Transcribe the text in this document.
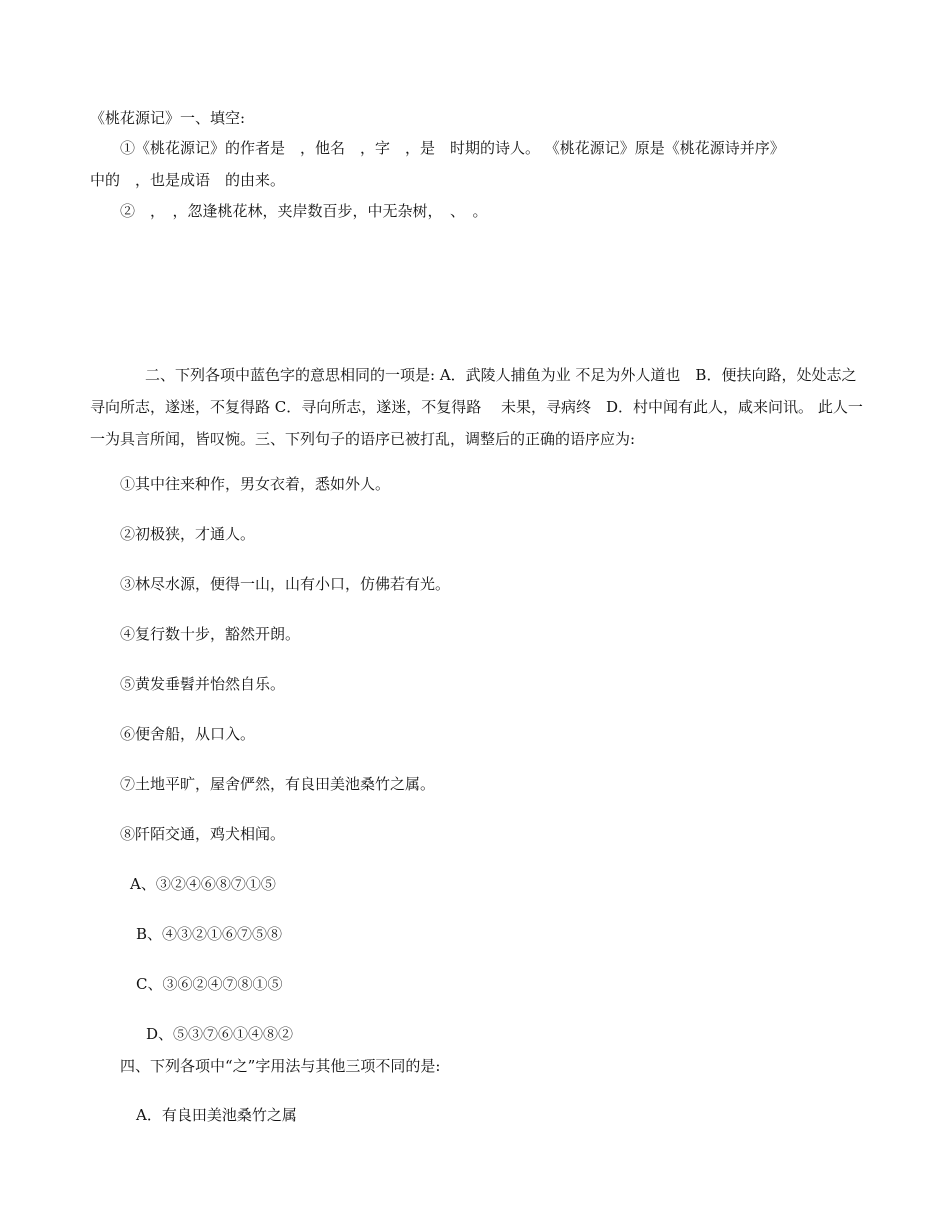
《桃花源记》一、填空:
①《桃花源记》的作者是　，他名　，字　，是　时期的诗人。 《桃花源记》原是《桃花源诗并序》
中的　，也是成语　的由来。
②　，　，忽逢桃花林，夹岸数百步，中无杂树，　、　。
二、下列各项中蓝色字的意思相同的一项是: A．武陵人捕鱼为业 不足为外人道也　B．便扶向路，处处志之寻向所志，遂迷，不复得路 C．寻向所志，遂迷，不复得路　 未果，寻病终　D．村中闻有此人，咸来问讯。 此人一一为具言所闻，皆叹惋。三、下列句子的语序已被打乱，调整后的正确的语序应为:
①其中往来种作，男女衣着，悉如外人。
②初极狭，才通人。
③林尽水源，便得一山，山有小口，仿佛若有光。
④复行数十步，豁然开朗。
⑤黄发垂髫并怡然自乐。
⑥便舍船，从口入。
⑦土地平旷，屋舍俨然，有良田美池桑竹之属。
⑧阡陌交通，鸡犬相闻。
A、③②④⑥⑧⑦①⑤
B、④③②①⑥⑦⑤⑧
C、③⑥②④⑦⑧①⑤
D、⑤③⑦⑥①④⑧②
四、下列各项中“之”字用法与其他三项不同的是:
A．有良田美池桑竹之属
